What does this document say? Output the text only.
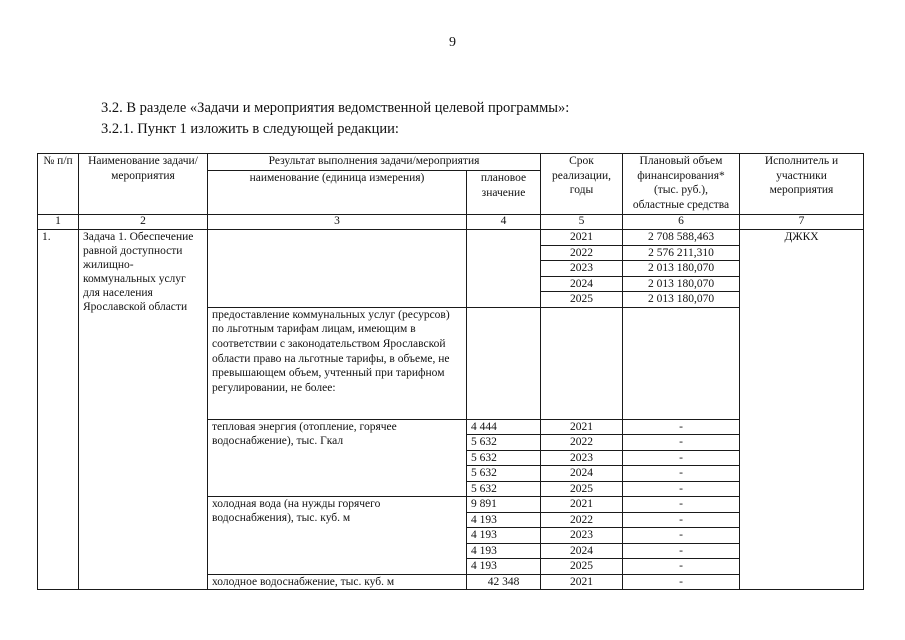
9
3.2. В разделе «Задачи и мероприятия ведомственной целевой программы»:
3.2.1. Пункт 1 изложить в следующей редакции:
№ п/п	Наименование задачи/мероприятия	Результат выполнения задачи/мероприятия		Срок реализации, годы	Плановый объем финансирования* (тыс. руб.), областные средства	Исполнитель и участники мероприятия
		наименование (единица измерения)	плановое значение			
1	2	3	4	5	6	7
1.	Задача 1. Обеспечение равной доступности жилищно-коммунальных услуг для населения Ярославской области			2021	2 708 588,463	ДЖКХ
				2022	2 576 211,310	
				2023	2 013 180,070	
				2024	2 013 180,070	
				2025	2 013 180,070	
		предоставление коммунальных услуг (ресурсов) по льготным тарифам лицам, имеющим в соответствии с законодательством Ярославской области право на льготные тарифы, в объеме, не превышающем объем, учтенный при тарифном регулировании, не более:				
		тепловая энергия (отопление, горячее водоснабжение), тыс. Гкал	4 444	2021	-	
			5 632	2022	-	
			5 632	2023	-	
			5 632	2024	-	
			5 632	2025	-	
		холодная вода (на нужды горячего водоснабжения), тыс. куб. м	9 891	2021	-	
			4 193	2022	-	
			4 193	2023	-	
			4 193	2024	-	
			4 193	2025	-	
		холодное водоснабжение, тыс. куб. м	42 348	2021	-	
